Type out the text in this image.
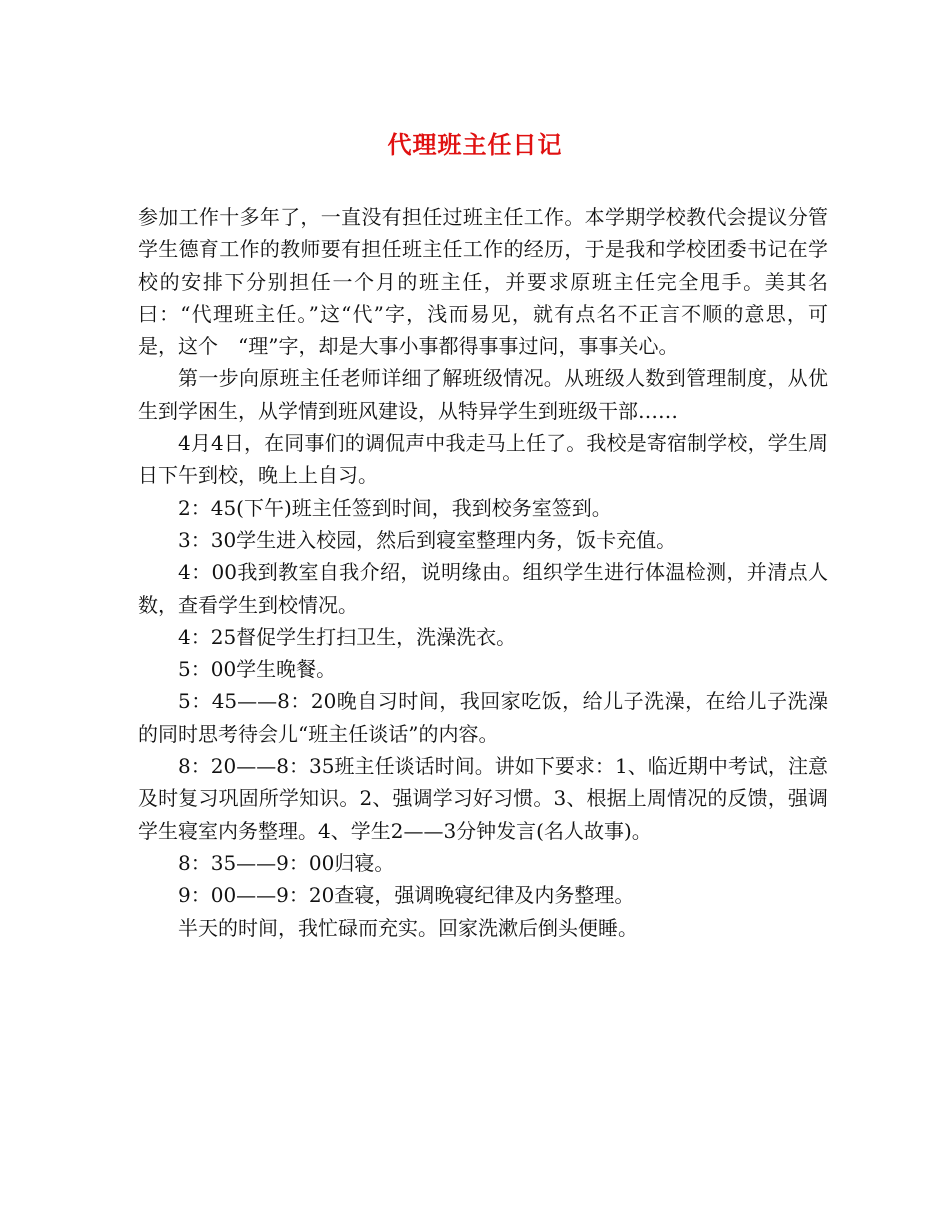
代理班主任日记

参加工作十多年了，一直没有担任过班主任工作。本学期学校教代会提议分管学生德育工作的教师要有担任班主任工作的经历，于是我和学校团委书记在学校的安排下分别担任一个月的班主任，并要求原班主任完全甩手。美其名曰：“代理班主任。”这“代”字，浅而易见，就有点名不正言不顺的意思，可是，这个　“理”字，却是大事小事都得事事过问，事事关心。

第一步向原班主任老师详细了解班级情况。从班级人数到管理制度，从优生到学困生，从学情到班风建设，从特异学生到班级干部……

4月4日，在同事们的调侃声中我走马上任了。我校是寄宿制学校，学生周日下午到校，晚上上自习。

2：45(下午)班主任签到时间，我到校务室签到。

3：30学生进入校园，然后到寝室整理内务，饭卡充值。

4：00我到教室自我介绍，说明缘由。组织学生进行体温检测，并清点人数，查看学生到校情况。

4：25督促学生打扫卫生，洗澡洗衣。

5：00学生晚餐。

5：45——8：20晚自习时间，我回家吃饭，给儿子洗澡，在给儿子洗澡的同时思考待会儿“班主任谈话”的内容。

8：20——8：35班主任谈话时间。讲如下要求：1、临近期中考试，注意及时复习巩固所学知识。2、强调学习好习惯。3、根据上周情况的反馈，强调学生寝室内务整理。4、学生2——3分钟发言(名人故事)。

8：35——9：00归寝。

9：00——9：20查寝，强调晚寝纪律及内务整理。

半天的时间，我忙碌而充实。回家洗漱后倒头便睡。
